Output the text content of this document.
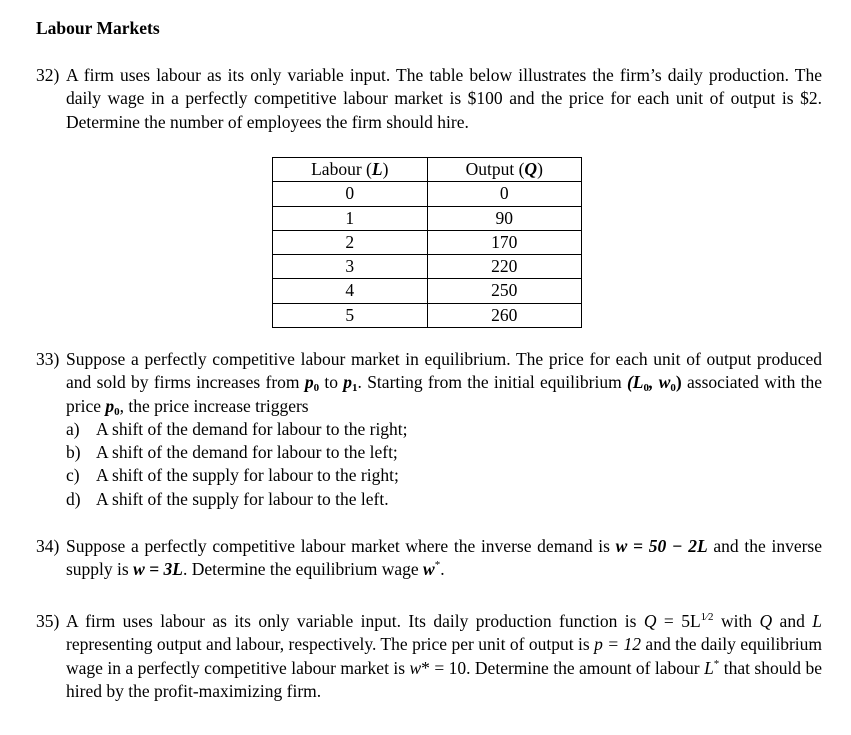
Labour Markets
32) A firm uses labour as its only variable input. The table below illustrates the firm’s daily production. The daily wage in a perfectly competitive labour market is $100 and the price for each unit of output is $2. Determine the number of employees the firm should hire.
Labour (L)	Output (Q)
0	0
1	90
2	170
3	220
4	250
5	260
33) Suppose a perfectly competitive labour market in equilibrium. The price for each unit of output produced and sold by firms increases from $p_0$ to $p_1$. Starting from the initial equilibrium ($L_0$, $w_0$) associated with the price $p_0$, the price increase triggers
a) A shift of the demand for labour to the right;
b) A shift of the demand for labour to the left;
c) A shift of the supply for labour to the right;
d) A shift of the supply for labour to the left.
34) Suppose a perfectly competitive labour market where the inverse demand is w = 50 − 2L and the inverse supply is w = 3L. Determine the equilibrium wage w*.
35) A firm uses labour as its only variable input. Its daily production function is $Q = 5L^{1⁄2}$ with Q and L representing output and labour, respectively. The price per unit of output is p = 12 and the daily equilibrium wage in a perfectly competitive labour market is w* = 10. Determine the amount of labour L* that should be hired by the profit-maximizing firm.
